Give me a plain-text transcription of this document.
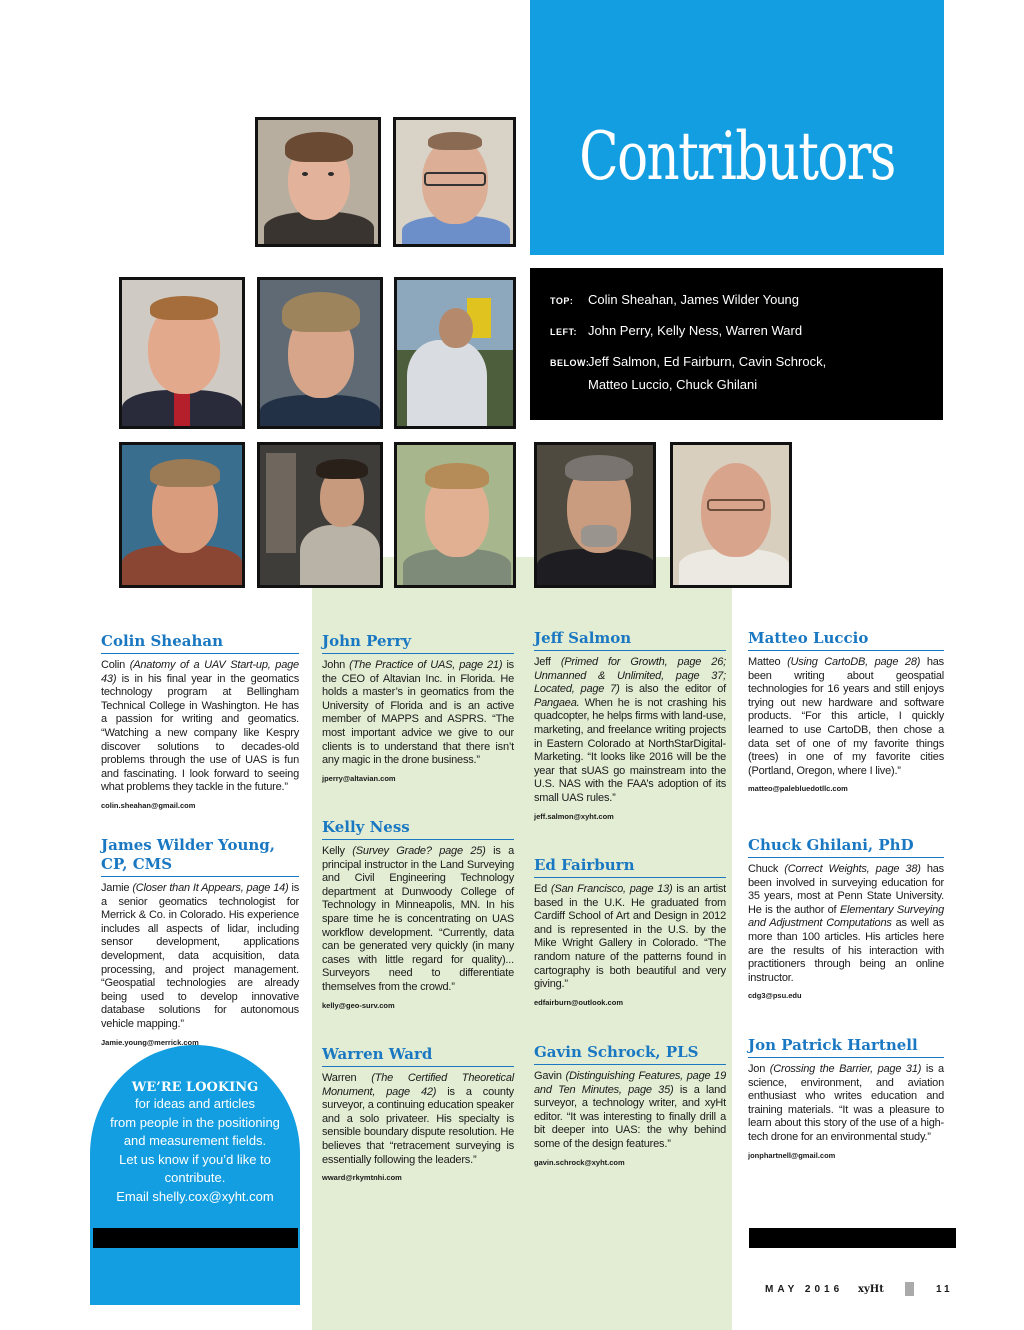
Contributors
TOP: Colin Sheahan, James Wilder Young
LEFT: John Perry, Kelly Ness, Warren Ward
BELOW:Jeff Salmon, Ed Fairburn, Cavin Schrock,
Matteo Luccio, Chuck Ghilani
Colin Sheahan
Colin (Anatomy of a UAV Start-up, page 43) is in his final year in the geomatics technology program at Bellingham Technical College in Washington. He has a passion for writing and geomatics. “Watching a new company like Kespry discover solutions to decades-old problems through the use of UAS is fun and fascinating. I look forward to seeing what problems they tackle in the future.”
colin.sheahan@gmail.com
James Wilder Young, CP, CMS
Jamie (Closer than It Appears, page 14) is a senior geomatics technologist for Merrick & Co. in Colorado. His experience includes all aspects of lidar, including sensor development, applications development, data acquisition, data processing, and project management. “Geospatial technologies are already being used to develop innovative database solutions for autonomous vehicle mapping.”
Jamie.young@merrick.com
John Perry
John (The Practice of UAS, page 21) is the CEO of Altavian Inc. in Florida. He holds a master’s in geomatics from the University of Florida and is an active member of MAPPS and ASPRS. “The most important advice we give to our clients is to understand that there isn’t any magic in the drone business.”
jperry@altavian.com
Kelly Ness
Kelly (Survey Grade? page 25) is a principal instructor in the Land Surveying and Civil Engineering Technology department at Dunwoody College of Technology in Minneapolis, MN. In his spare time he is concentrating on UAS workflow development. “Currently, data can be generated very quickly (in many cases with little regard for quality)... Surveyors need to differentiate themselves from the crowd.”
kelly@geo-surv.com
Warren Ward
Warren (The Certified Theoretical Monument, page 42) is a county surveyor, a continuing education speaker and a solo privateer. His specialty is sensible boundary dispute resolution. He believes that “retracement surveying is essentially following the leaders.”
wward@rkymtnhi.com
Jeff Salmon
Jeff (Primed for Growth, page 26; Unmanned & Unlimited, page 37; Located, page 7) is also the editor of Pangaea. When he is not crashing his quadcopter, he helps firms with land-use, marketing, and freelance writing projects in Eastern Colorado at NorthStarDigital-Marketing. “It looks like 2016 will be the year that sUAS go mainstream into the U.S. NAS with the FAA’s adoption of its small UAS rules.”
jeff.salmon@xyht.com
Ed Fairburn
Ed (San Francisco, page 13) is an artist based in the U.K. He graduated from Cardiff School of Art and Design in 2012 and is represented in the U.S. by the Mike Wright Gallery in Colorado. “The random nature of the patterns found in cartography is both beautiful and very giving.”
edfairburn@outlook.com
Gavin Schrock, PLS
Gavin (Distinguishing Features, page 19 and Ten Minutes, page 35) is a land surveyor, a technology writer, and xyHt editor. “It was interesting to finally drill a bit deeper into UAS: the why behind some of the design features.”
gavin.schrock@xyht.com
Matteo Luccio
Matteo (Using CartoDB, page 28) has been writing about geospatial technologies for 16 years and still enjoys trying out new hardware and software products. “For this article, I quickly learned to use CartoDB, then chose a data set of one of my favorite things (trees) in one of my favorite cities (Portland, Oregon, where I live).”
matteo@palebluedotllc.com
Chuck Ghilani, PhD
Chuck (Correct Weights, page 38) has been involved in surveying education for 35 years, most at Penn State University. He is the author of Elementary Surveying and Adjustment Computations as well as more than 100 articles. His articles here are the results of his interaction with practitioners through being an online instructor.
cdg3@psu.edu
Jon Patrick Hartnell
Jon (Crossing the Barrier, page 31) is a science, environment, and aviation enthusiast who writes education and training materials. “It was a pleasure to learn about this story of the use of a high-tech drone for an environmental study.”
jonphartnell@gmail.com
WE’RE LOOKING
for ideas and articles
from people in the positioning
and measurement fields.
Let us know if you’d like to
contribute.
Email shelly.cox@xyht.com
MAY 2016 xyHt	11
